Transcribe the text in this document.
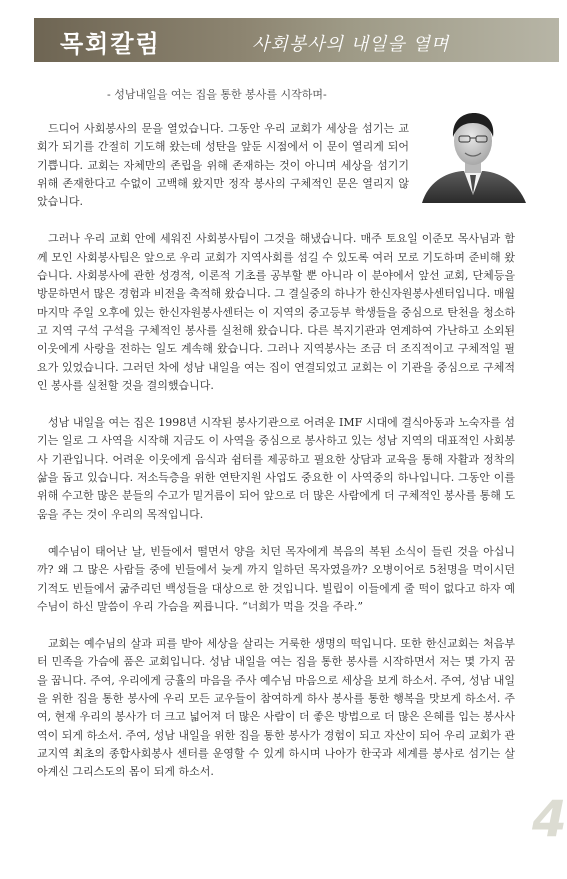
목회칼럼	사회봉사의 내일을 열며
- 성남내일을 여는 집을 통한 봉사를 시작하며-

드디어 사회봉사의 문을 열었습니다. 그동안 우리 교회가 세상을 섬기는 교회가 되기를 간절히 기도해 왔는데 성탄을 앞둔 시점에서 이 문이 열리게 되어 기쁩니다. 교회는 자체만의 존립을 위해 존재하는 것이 아니며 세상을 섬기기 위해 존재한다고 수없이 고백해 왔지만 정작 봉사의 구체적인 문은 열리지 않았습니다.

그러나 우리 교회 안에 세워진 사회봉사팀이 그것을 해냈습니다. 매주 토요일 이준모 목사님과 함께 모인 사회봉사팀은 앞으로 우리 교회가 지역사회를 섬길 수 있도록 여러 모로 기도하며 준비해 왔습니다. 사회봉사에 관한 성경적, 이론적 기초를 공부할 뿐 아니라 이 분야에서 앞선 교회, 단체등을 방문하면서 많은 경험과 비전을 축적해 왔습니다. 그 결실중의 하나가 한신자원봉사센터입니다. 매월 마지막 주일 오후에 있는 한신자원봉사센터는 이 지역의 중고등부 학생들을 중심으로 탄천을 청소하고 지역 구석 구석을 구체적인 봉사를 실천해 왔습니다. 다른 복지기관과 연계하여 가난하고 소외된 이웃에게 사랑을 전하는 일도 계속해 왔습니다. 그러나 지역봉사는 조금 더 조직적이고 구체적일 필요가 있었습니다. 그러던 차에 성남 내일을 여는 집이 연결되었고 교회는 이 기관을 중심으로 구체적인 봉사를 실천할 것을 결의했습니다.

성남 내일을 여는 집은 1998년 시작된 봉사기관으로 어려운 IMF 시대에 결식아동과 노숙자를 섬기는 일로 그 사역을 시작해 지금도 이 사역을 중심으로 봉사하고 있는 성남 지역의 대표적인 사회봉사 기관입니다. 어려운 이웃에게 음식과 쉼터를 제공하고 필요한 상담과 교육을 통해 자활과 정착의 삶을 돕고 있습니다. 저소득층을 위한 연탄지원 사업도 중요한 이 사역중의 하나입니다. 그동안 이를 위해 수고한 많은 분들의 수고가 밑거름이 되어 앞으로 더 많은 사람에게 더 구체적인 봉사를 통해 도움을 주는 것이 우리의 목적입니다.

예수님이 태어난 날, 빈들에서 떨면서 양을 치던 목자에게 복음의 복된 소식이 들린 것을 아십니까? 왜 그 많은 사람들 중에 빈들에서 늦게 까지 일하던 목자였을까? 오병이어로 5천명을 먹이시던 기적도 빈들에서 굶주리던 백성들을 대상으로 한 것입니다. 빌립이 이들에게 줄 떡이 없다고 하자 예수님이 하신 말씀이 우리 가슴을 찌릅니다. “너희가 먹을 것을 주라.”

교회는 예수님의 살과 피를 받아 세상을 살리는 거룩한 생명의 떡입니다. 또한 한신교회는 처음부터 민족을 가슴에 품은 교회입니다. 성남 내일을 여는 집을 통한 봉사를 시작하면서 저는 몇 가지 꿈을 꿉니다. 주여, 우리에게 긍휼의 마음을 주사 예수님 마음으로 세상을 보게 하소서. 주여, 성남 내일을 위한 집을 통한 봉사에 우리 모든 교우들이 참여하게 하사 봉사를 통한 행복을 맛보게 하소서. 주여, 현재 우리의 봉사가 더 크고 넓어져 더 많은 사람이 더 좋은 방법으로 더 많은 은혜를 입는 봉사사역이 되게 하소서. 주여, 성남 내일을 위한 집을 통한 봉사가 경험이 되고 자산이 되어 우리 교회가 관교지역 최초의 종합사회봉사 센터를 운영할 수 있게 하시며 나아가 한국과 세계를 봉사로 섬기는 살아계신 그리스도의 몸이 되게 하소서.

4
